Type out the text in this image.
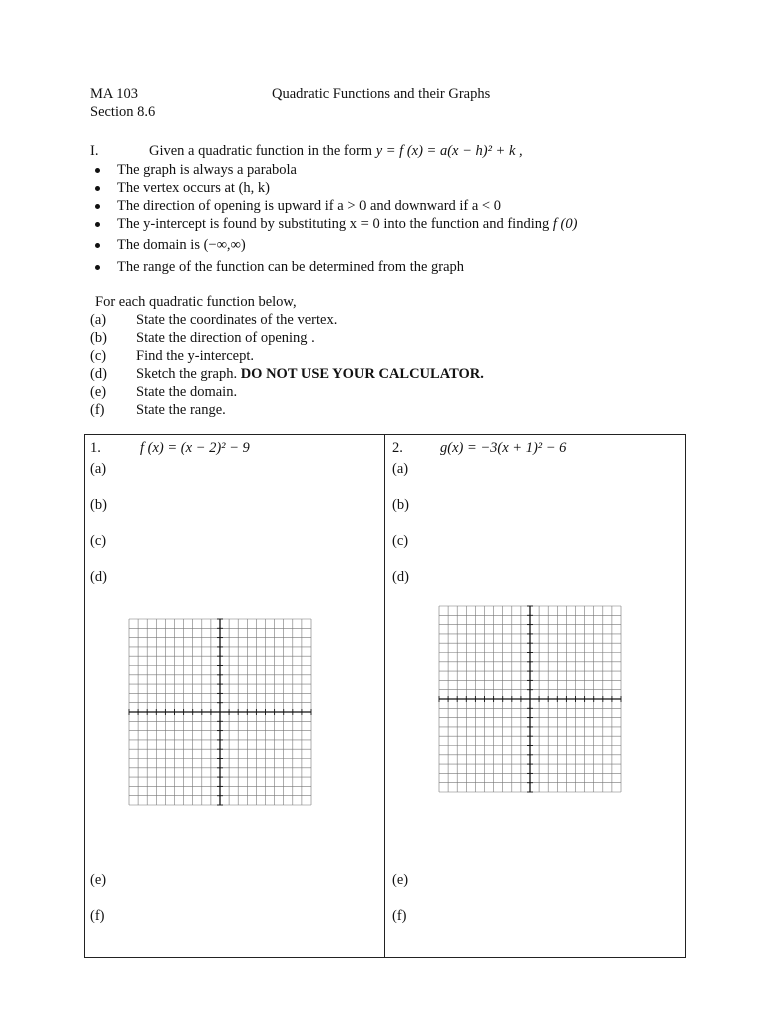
MA 103
Section 8.6
Quadratic Functions and their Graphs
I.	Given a quadratic function in the form y = f (x) = a(x − h)² + k ,
The graph is always a parabola
The vertex occurs at (h, k)
The direction of opening is upward if a > 0 and downward if a < 0
The y-intercept is found by substituting x = 0 into the function and finding f (0)
The domain is (−∞,∞)
The range of the function can be determined from the graph
For each quadratic function below,
(a) State the coordinates of the vertex.
(b) State the direction of opening .
(c) Find the y-intercept.
(d) Sketch the graph. DO NOT USE YOUR CALCULATOR.
(e) State the domain.
(f) State the range.
1.	f (x) = (x − 2)² − 9
(a)
(b)
(c)
(d)
(e)
(f)
2.	g(x) = −3(x + 1)² − 6
(a)
(b)
(c)
(d)
(e)
(f)
